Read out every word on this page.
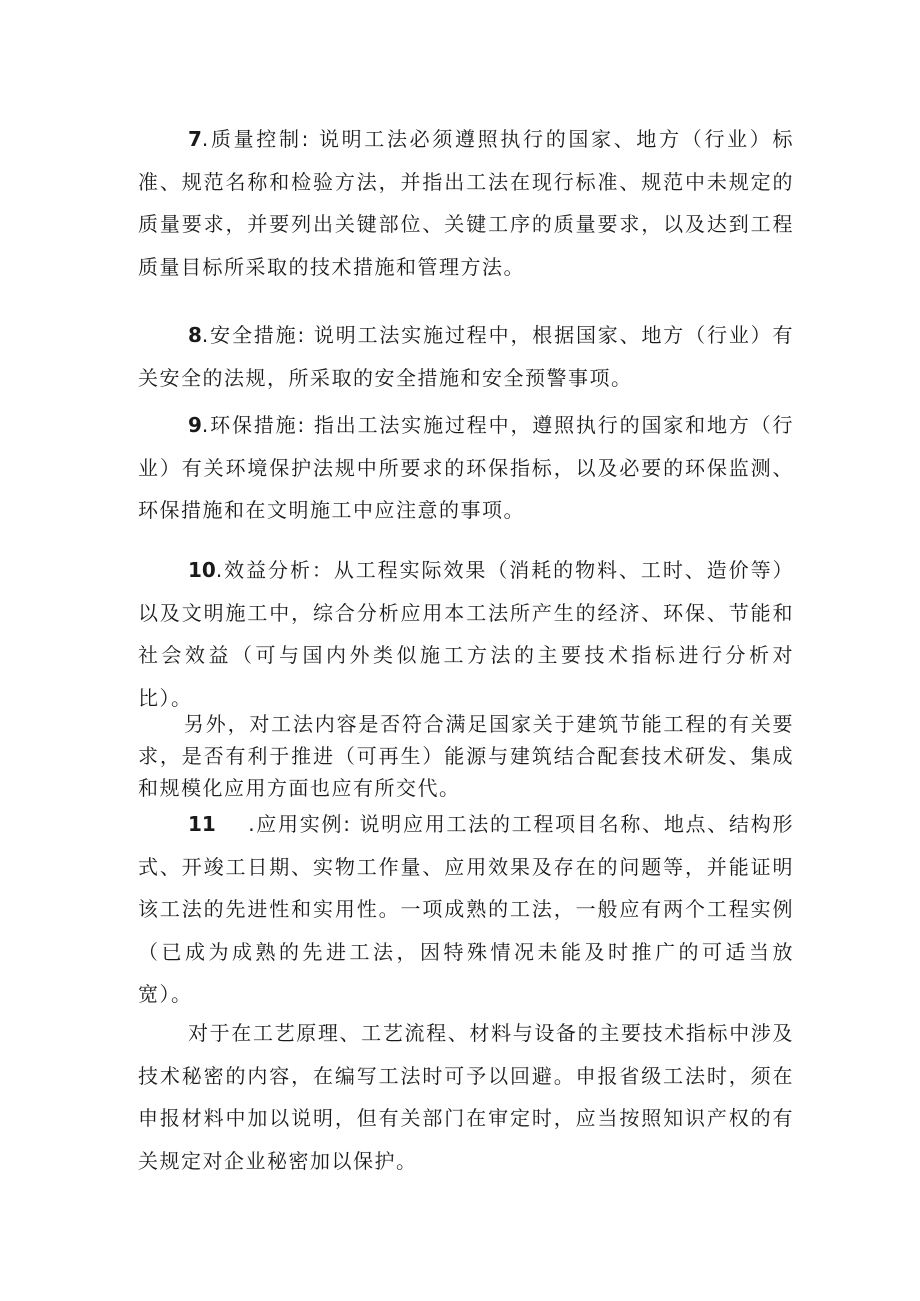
7.质量控制: 说明工法必须遵照执行的国家、地方（行业）标准、规范名称和检验方法，并指出工法在现行标准、规范中未规定的质量要求，并要列出关键部位、关键工序的质量要求，以及达到工程质量目标所采取的技术措施和管理方法。

8.安全措施: 说明工法实施过程中，根据国家、地方（行业）有关安全的法规，所采取的安全措施和安全预警事项。

9.环保措施: 指出工法实施过程中，遵照执行的国家和地方（行业）有关环境保护法规中所要求的环保指标，以及必要的环保监测、环保措施和在文明施工中应注意的事项。

10.效益分析：从工程实际效果（消耗的物料、工时、造价等）以及文明施工中，综合分析应用本工法所产生的经济、环保、节能和社会效益（可与国内外类似施工方法的主要技术指标进行分析对比）。

另外，对工法内容是否符合满足国家关于建筑节能工程的有关要求，是否有利于推进（可再生）能源与建筑结合配套技术研发、集成和规模化应用方面也应有所交代。

11    .应用实例: 说明应用工法的工程项目名称、地点、结构形式、开竣工日期、实物工作量、应用效果及存在的问题等，并能证明该工法的先进性和实用性。一项成熟的工法，一般应有两个工程实例（已成为成熟的先进工法，因特殊情况未能及时推广的可适当放宽）。

对于在工艺原理、工艺流程、材料与设备的主要技术指标中涉及技术秘密的内容，在编写工法时可予以回避。申报省级工法时，须在申报材料中加以说明，但有关部门在审定时，应当按照知识产权的有关规定对企业秘密加以保护。
